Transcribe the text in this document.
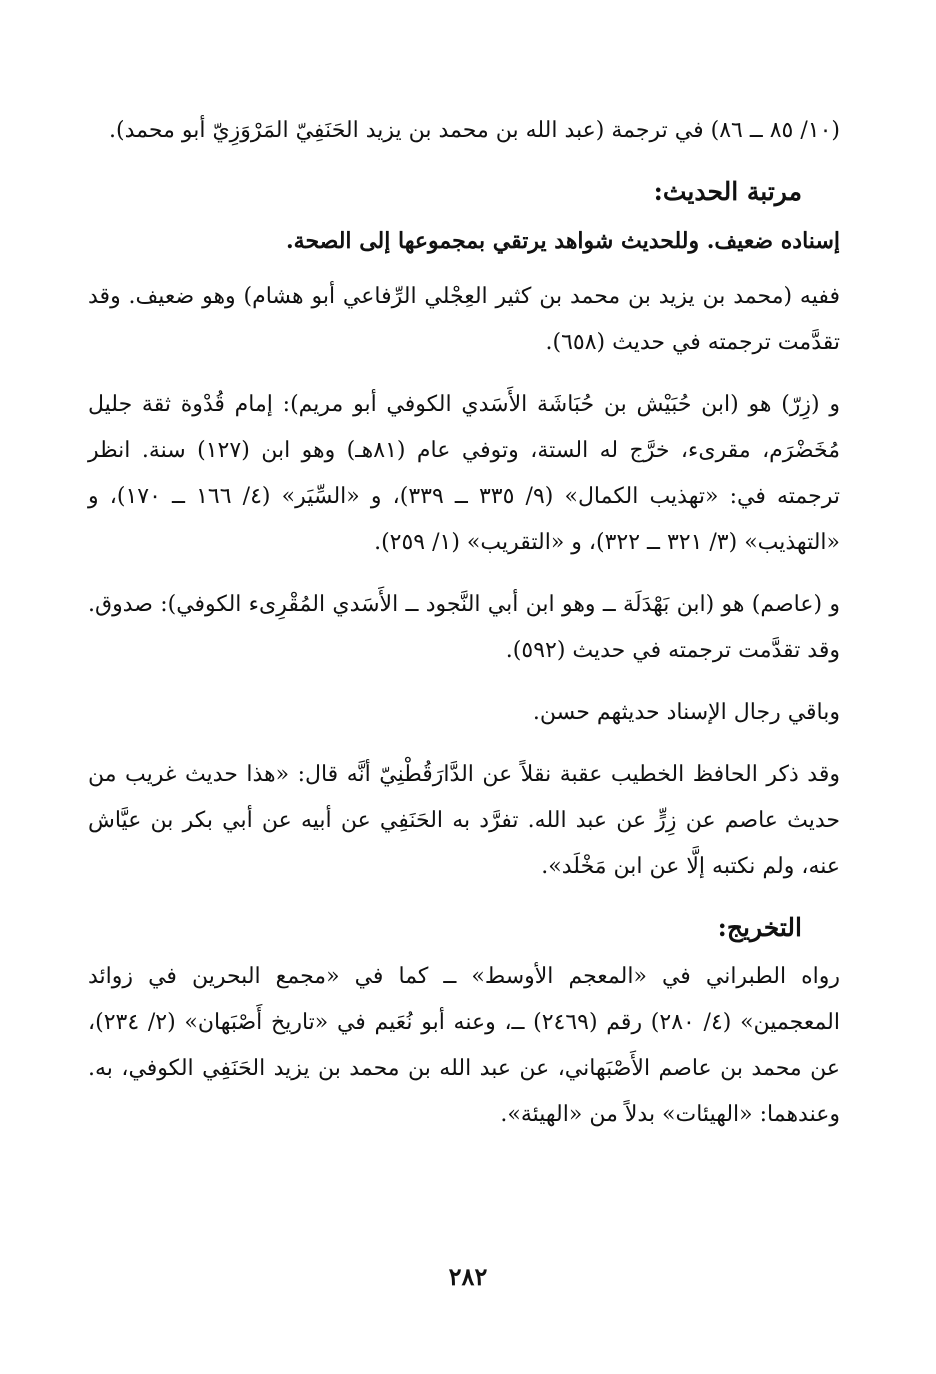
(١٠/ ٨٥ ــ ٨٦) في ترجمة (عبد الله بن محمد بن يزيد الحَنَفِيّ المَرْوَزِيّ أبو محمد).

مرتبة الحديث:

إسناده ضعيف. وللحديث شواهد يرتقي بمجموعها إلى الصحة.

ففيه (محمد بن يزيد بن محمد بن كثير العِجْلي الرِّفاعي أبو هشام) وهو ضعيف. وقد تقدَّمت ترجمته في حديث (٦٥٨).

و (زِرّ) هو (ابن حُبَيْش بن حُبَاشَة الأَسَدي الكوفي أبو مريم): إمام قُدْوة ثقة جليل مُخَضْرَم، مقرىء، خرَّج له الستة، وتوفي عام (٨١هـ) وهو ابن (١٢٧) سنة. انظر ترجمته في: «تهذيب الكمال» (٩/ ٣٣٥ ــ ٣٣٩)، و «السِّيَر» (٤/ ١٦٦ ــ ١٧٠)، و «التهذيب» (٣/ ٣٢١ ــ ٣٢٢)، و «التقريب» (١/ ٢٥٩).

و (عاصم) هو (ابن بَهْدَلَة ــ وهو ابن أبي النَّجود ــ الأَسَدي المُقْرِىء الكوفي): صدوق. وقد تقدَّمت ترجمته في حديث (٥٩٢).

وباقي رجال الإسناد حديثهم حسن.

وقد ذكر الحافظ الخطيب عقبة نقلاً عن الدَّارَقُطْنِيّ أنَّه قال: «هذا حديث غريب من حديث عاصم عن زِرٍّ عن عبد الله. تفرَّد به الحَنَفِي عن أبيه عن أبي بكر بن عيَّاش عنه، ولم نكتبه إلَّا عن ابن مَخْلَد».

التخريج:

رواه الطبراني في «المعجم الأوسط» ــ كما في «مجمع البحرين في زوائد المعجمين» (٤/ ٢٨٠) رقم (٢٤٦٩) ــ، وعنه أبو نُعَيم في «تاريخ أَصْبَهان» (٢/ ٢٣٤)، عن محمد بن عاصم الأَصْبَهاني، عن عبد الله بن محمد بن يزيد الحَنَفِي الكوفي، به. وعندهما: «الهيئات» بدلاً من «الهيئة».

٢٨٢
